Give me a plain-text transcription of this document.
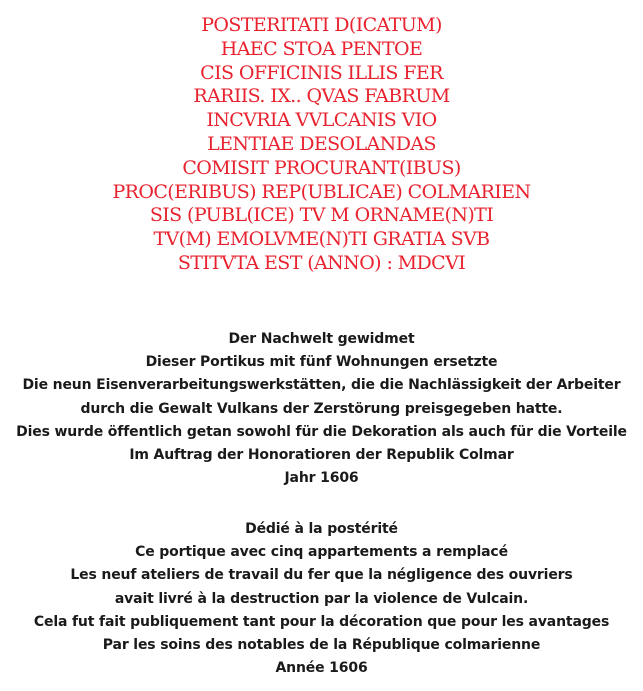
POSTERITATI D(ICATUM)
HAEC STOA PENTOE
CIS OFFICINIS ILLIS FER
RARIIS. IX.. QVAS FABRUM
INCVRIA VVLCANIS VIO
LENTIAE DESOLANDAS
COMISIT PROCURANT(IBUS)
PROC(ERIBUS) REP(UBLICAE) COLMARIEN
SIS (PUBL(ICE) TV M ORNAME(N)TI
TV(M) EMOLVME(N)TI GRATIA SVB
STITVTA EST (ANNO) : MDCVI
Der Nachwelt gewidmet
Dieser Portikus mit fünf Wohnungen ersetzte
Die neun Eisenverarbeitungswerkstätten, die die Nachlässigkeit der Arbeiter
durch die Gewalt Vulkans der Zerstörung preisgegeben hatte.
Dies wurde öffentlich getan sowohl für die Dekoration als auch für die Vorteile
Im Auftrag der Honoratioren der Republik Colmar
Jahr 1606
Dédié à la postérité
Ce portique avec cinq appartements a remplacé
Les neuf ateliers de travail du fer que la négligence des ouvriers
avait livré à la destruction par la violence de Vulcain.
Cela fut fait publiquement tant pour la décoration que pour les avantages
Par les soins des notables de la République colmarienne
Année 1606
